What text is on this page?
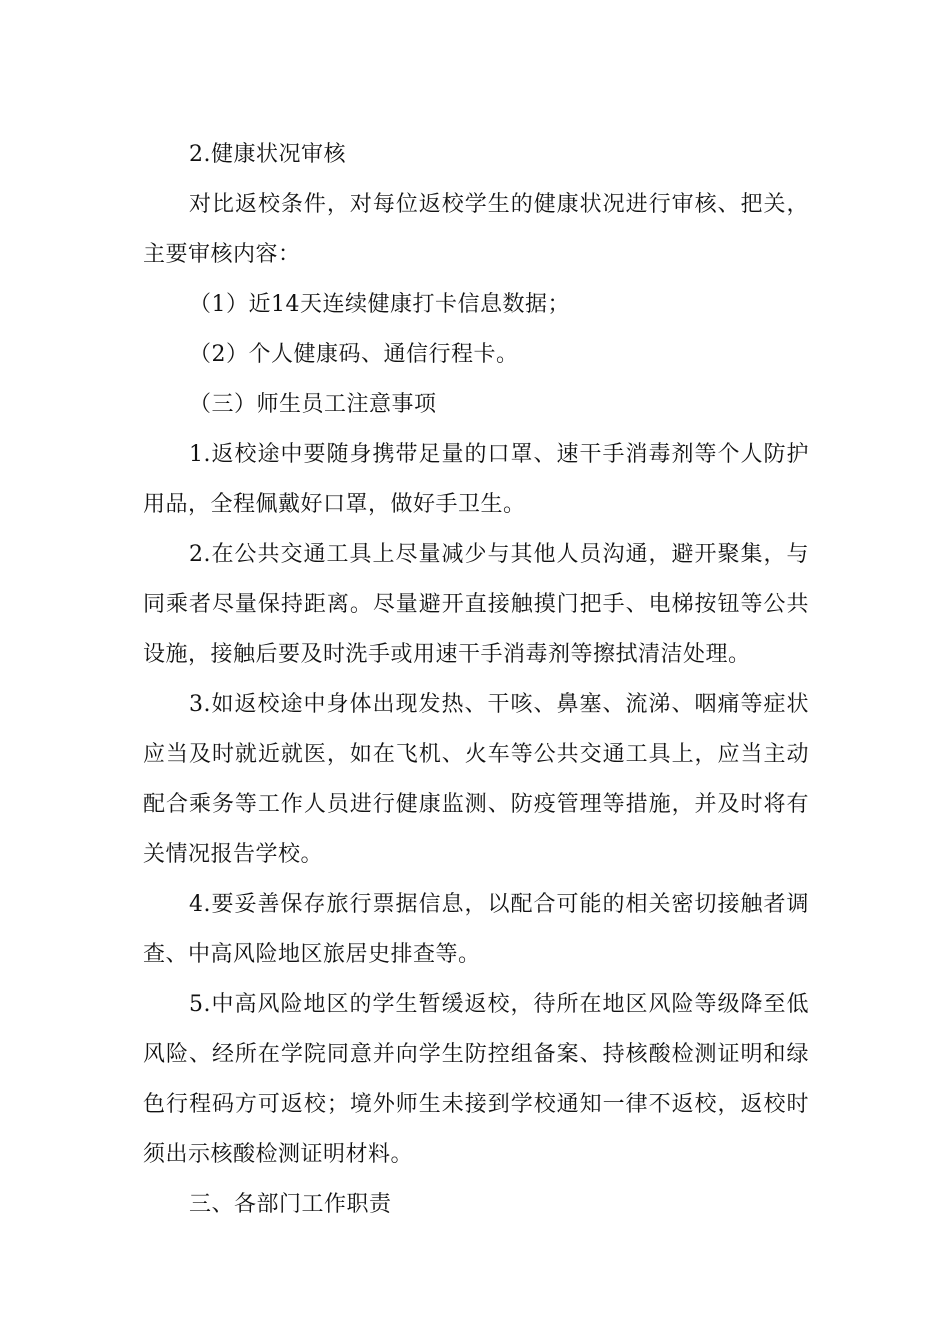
2.健康状况审核

对比返校条件，对每位返校学生的健康状况进行审核、把关，主要审核内容：

（1）近14天连续健康打卡信息数据；

（2）个人健康码、通信行程卡。

（三）师生员工注意事项

1.返校途中要随身携带足量的口罩、速干手消毒剂等个人防护用品，全程佩戴好口罩，做好手卫生。

2.在公共交通工具上尽量减少与其他人员沟通，避开聚集，与同乘者尽量保持距离。尽量避开直接触摸门把手、电梯按钮等公共设施，接触后要及时洗手或用速干手消毒剂等擦拭清洁处理。

3.如返校途中身体出现发热、干咳、鼻塞、流涕、咽痛等症状应当及时就近就医，如在飞机、火车等公共交通工具上，应当主动配合乘务等工作人员进行健康监测、防疫管理等措施，并及时将有关情况报告学校。

4.要妥善保存旅行票据信息，以配合可能的相关密切接触者调查、中高风险地区旅居史排查等。

5.中高风险地区的学生暂缓返校，待所在地区风险等级降至低风险、经所在学院同意并向学生防控组备案、持核酸检测证明和绿色行程码方可返校；境外师生未接到学校通知一律不返校，返校时须出示核酸检测证明材料。

三、各部门工作职责
